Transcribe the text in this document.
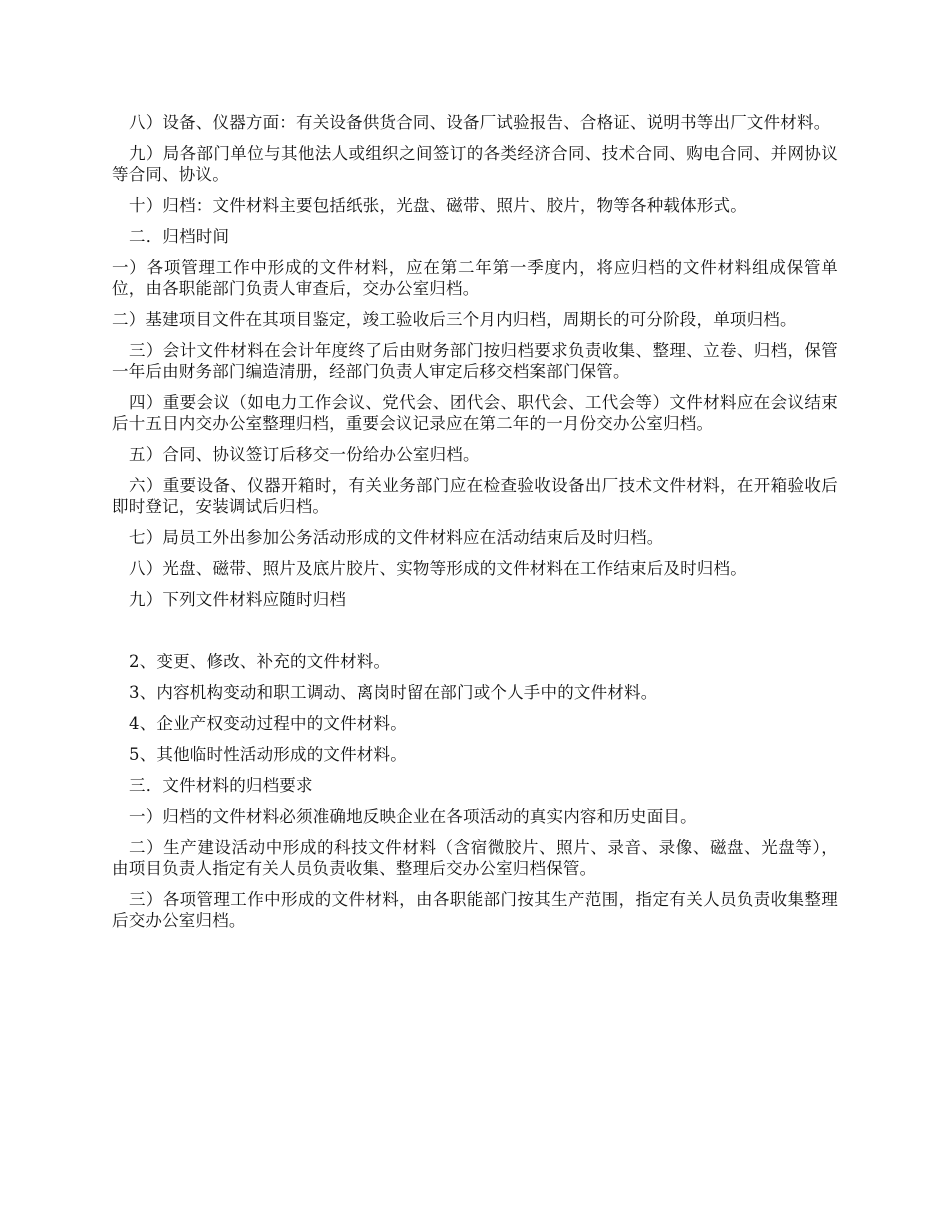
八）设备、仪器方面：有关设备供货合同、设备厂试验报告、合格证、说明书等出厂文件材料。

九）局各部门单位与其他法人或组织之间签订的各类经济合同、技术合同、购电合同、并网协议等合同、协议。

十）归档：文件材料主要包括纸张，光盘、磁带、照片、胶片，物等各种载体形式。

二．归档时间

一）各项管理工作中形成的文件材料，应在第二年第一季度内，将应归档的文件材料组成保管单位，由各职能部门负责人审查后，交办公室归档。

二）基建项目文件在其项目鉴定，竣工验收后三个月内归档，周期长的可分阶段，单项归档。

三）会计文件材料在会计年度终了后由财务部门按归档要求负责收集、整理、立卷、归档，保管一年后由财务部门编造清册，经部门负责人审定后移交档案部门保管。

四）重要会议（如电力工作会议、党代会、团代会、职代会、工代会等）文件材料应在会议结束后十五日内交办公室整理归档，重要会议记录应在第二年的一月份交办公室归档。

五）合同、协议签订后移交一份给办公室归档。

六）重要设备、仪器开箱时，有关业务部门应在检查验收设备出厂技术文件材料，在开箱验收后即时登记，安装调试后归档。

七）局员工外出参加公务活动形成的文件材料应在活动结束后及时归档。

八）光盘、磁带、照片及底片胶片、实物等形成的文件材料在工作结束后及时归档。

九）下列文件材料应随时归档

2、变更、修改、补充的文件材料。

3、内容机构变动和职工调动、离岗时留在部门或个人手中的文件材料。

4、企业产权变动过程中的文件材料。

5、其他临时性活动形成的文件材料。

三．文件材料的归档要求

一）归档的文件材料必须准确地反映企业在各项活动的真实内容和历史面目。

二）生产建设活动中形成的科技文件材料（含宿微胶片、照片、录音、录像、磁盘、光盘等），由项目负责人指定有关人员负责收集、整理后交办公室归档保管。

三）各项管理工作中形成的文件材料，由各职能部门按其生产范围，指定有关人员负责收集整理后交办公室归档。
